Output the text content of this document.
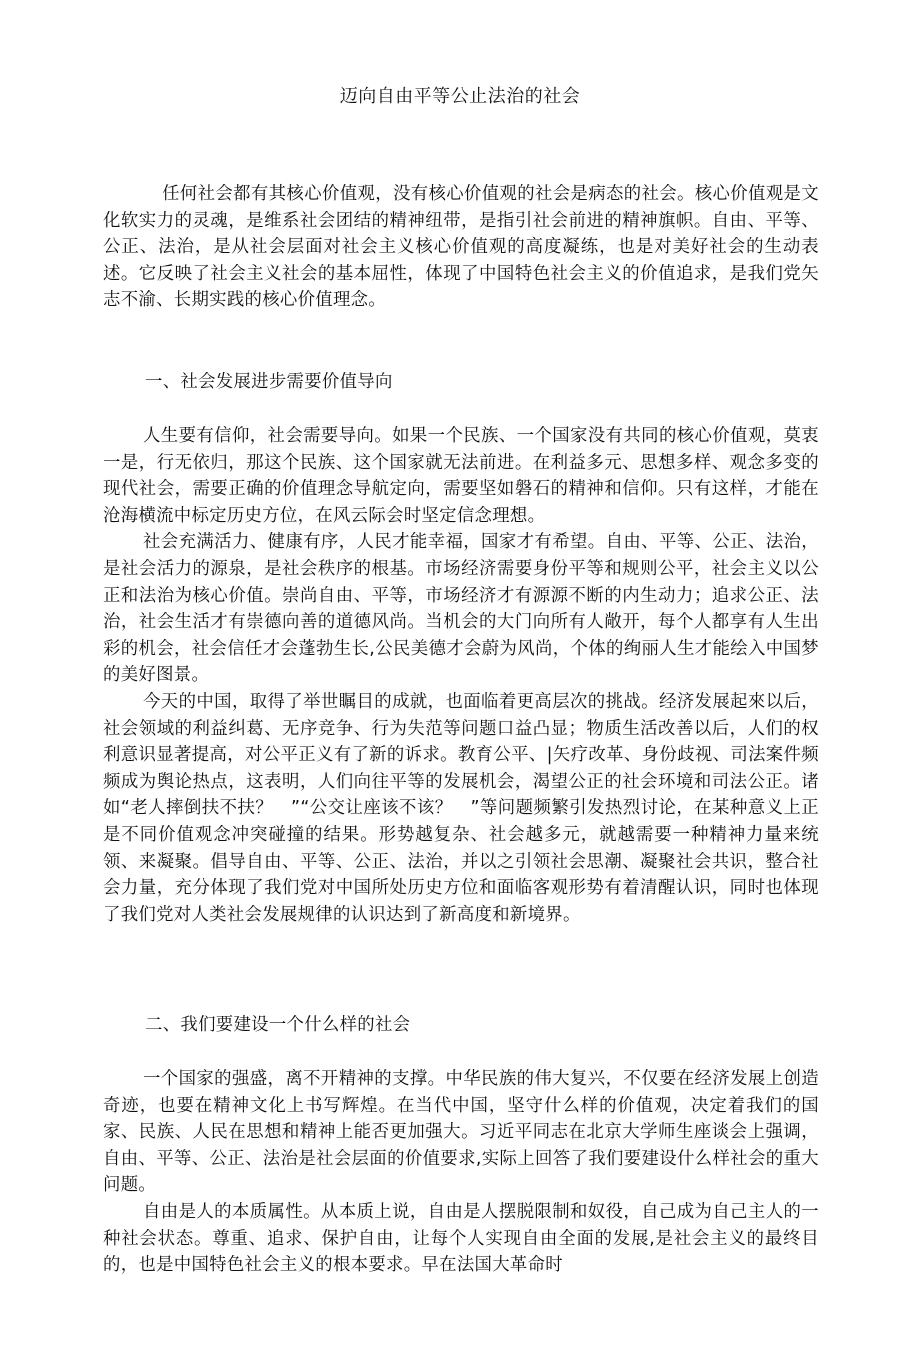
迈向自由平等公止法治的社会

任何社会都有其核心价值观，没有核心价值观的社会是病态的社会。核心价值观是文化软实力的灵魂，是维系社会团结的精神纽带，是指引社会前进的精神旗帜。自由、平等、公正、法治，是从社会层面对社会主义核心价值观的高度凝练，也是对美好社会的生动表述。它反映了社会主义社会的基本屈性，体现了中国特色社会主义的价值追求，是我们党矢志不渝、长期实践的核心价值理念。

一、社会发展进步需要价值导向

人生要有信仰，社会需要导向。如果一个民族、一个国家没有共同的核心价值观，莫衷一是，行无依归，那这个民族、这个国家就无法前进。在利益多元、思想多样、观念多变的现代社会，需要正确的价值理念导航定向，需要坚如磐石的精神和信仰。只有这样，才能在沧海横流中标定历史方位，在风云际会时坚定信念理想。

社会充满活力、健康有序，人民才能幸福，国家才有希望。自由、平等、公正、法治，是社会活力的源泉，是社会秩序的根基。市场经济需要身份平等和规则公平，社会主义以公正和法治为核心价值。崇尚自由、平等，市场经济才有源源不断的内生动力；追求公正、法治，社会生活才有崇德向善的道德风尚。当机会的大门向所有人敞开，每个人都享有人生出彩的机会，社会信任才会蓬勃生长,公民美德才会蔚为风尚，个体的绚丽人生才能绘入中国梦的美好图景。

今天的中国，取得了举世瞩目的成就，也面临着更高层次的挑战。经济发展起來以后，社会领域的利益纠葛、无序竞争、行为失范等问题口益凸显；物质生活改善以后，人们的权利意识显著提高，对公平正义有了新的诉求。教育公平、|矢疗改革、身份歧视、司法案件频频成为舆论热点，这表明，人们向往平等的发展机会，渴望公正的社会环境和司法公正。诸如“老人摔倒扶不扶？　”“公交让座该不该？　”等问题频繁引发热烈讨论，在某种意义上正是不同价值观念冲突碰撞的结果。形势越复杂、社会越多元，就越需要一种精神力量来统领、来凝聚。倡导自由、平等、公正、法治，并以之引领社会思潮、凝聚社会共识，整合社会力量，充分体现了我们党对中国所处历史方位和面临客观形势有着清醒认识，同时也体现了我们党对人类社会发展规律的认识达到了新高度和新境界。

二、我们要建设一个什么样的社会

一个国家的强盛，离不开精神的支撑。中华民族的伟大复兴，不仅要在经济发展上创造奇迹，也要在精神文化上书写辉煌。在当代中国，坚守什么样的价值观，决定着我们的国家、民族、人民在思想和精神上能否更加强大。习近平同志在北京大学师生座谈会上强调，自由、平等、公正、法治是社会层面的价值要求,实际上回答了我们要建设什么样社会的重大问题。

自由是人的本质属性。从本质上说，自由是人摆脱限制和奴役，自己成为自己主人的一种社会状态。尊重、追求、保护自由，让每个人实现自由全面的发展,是社会主义的最终目的，也是中国特色社会主义的根本要求。早在法国大革命时
